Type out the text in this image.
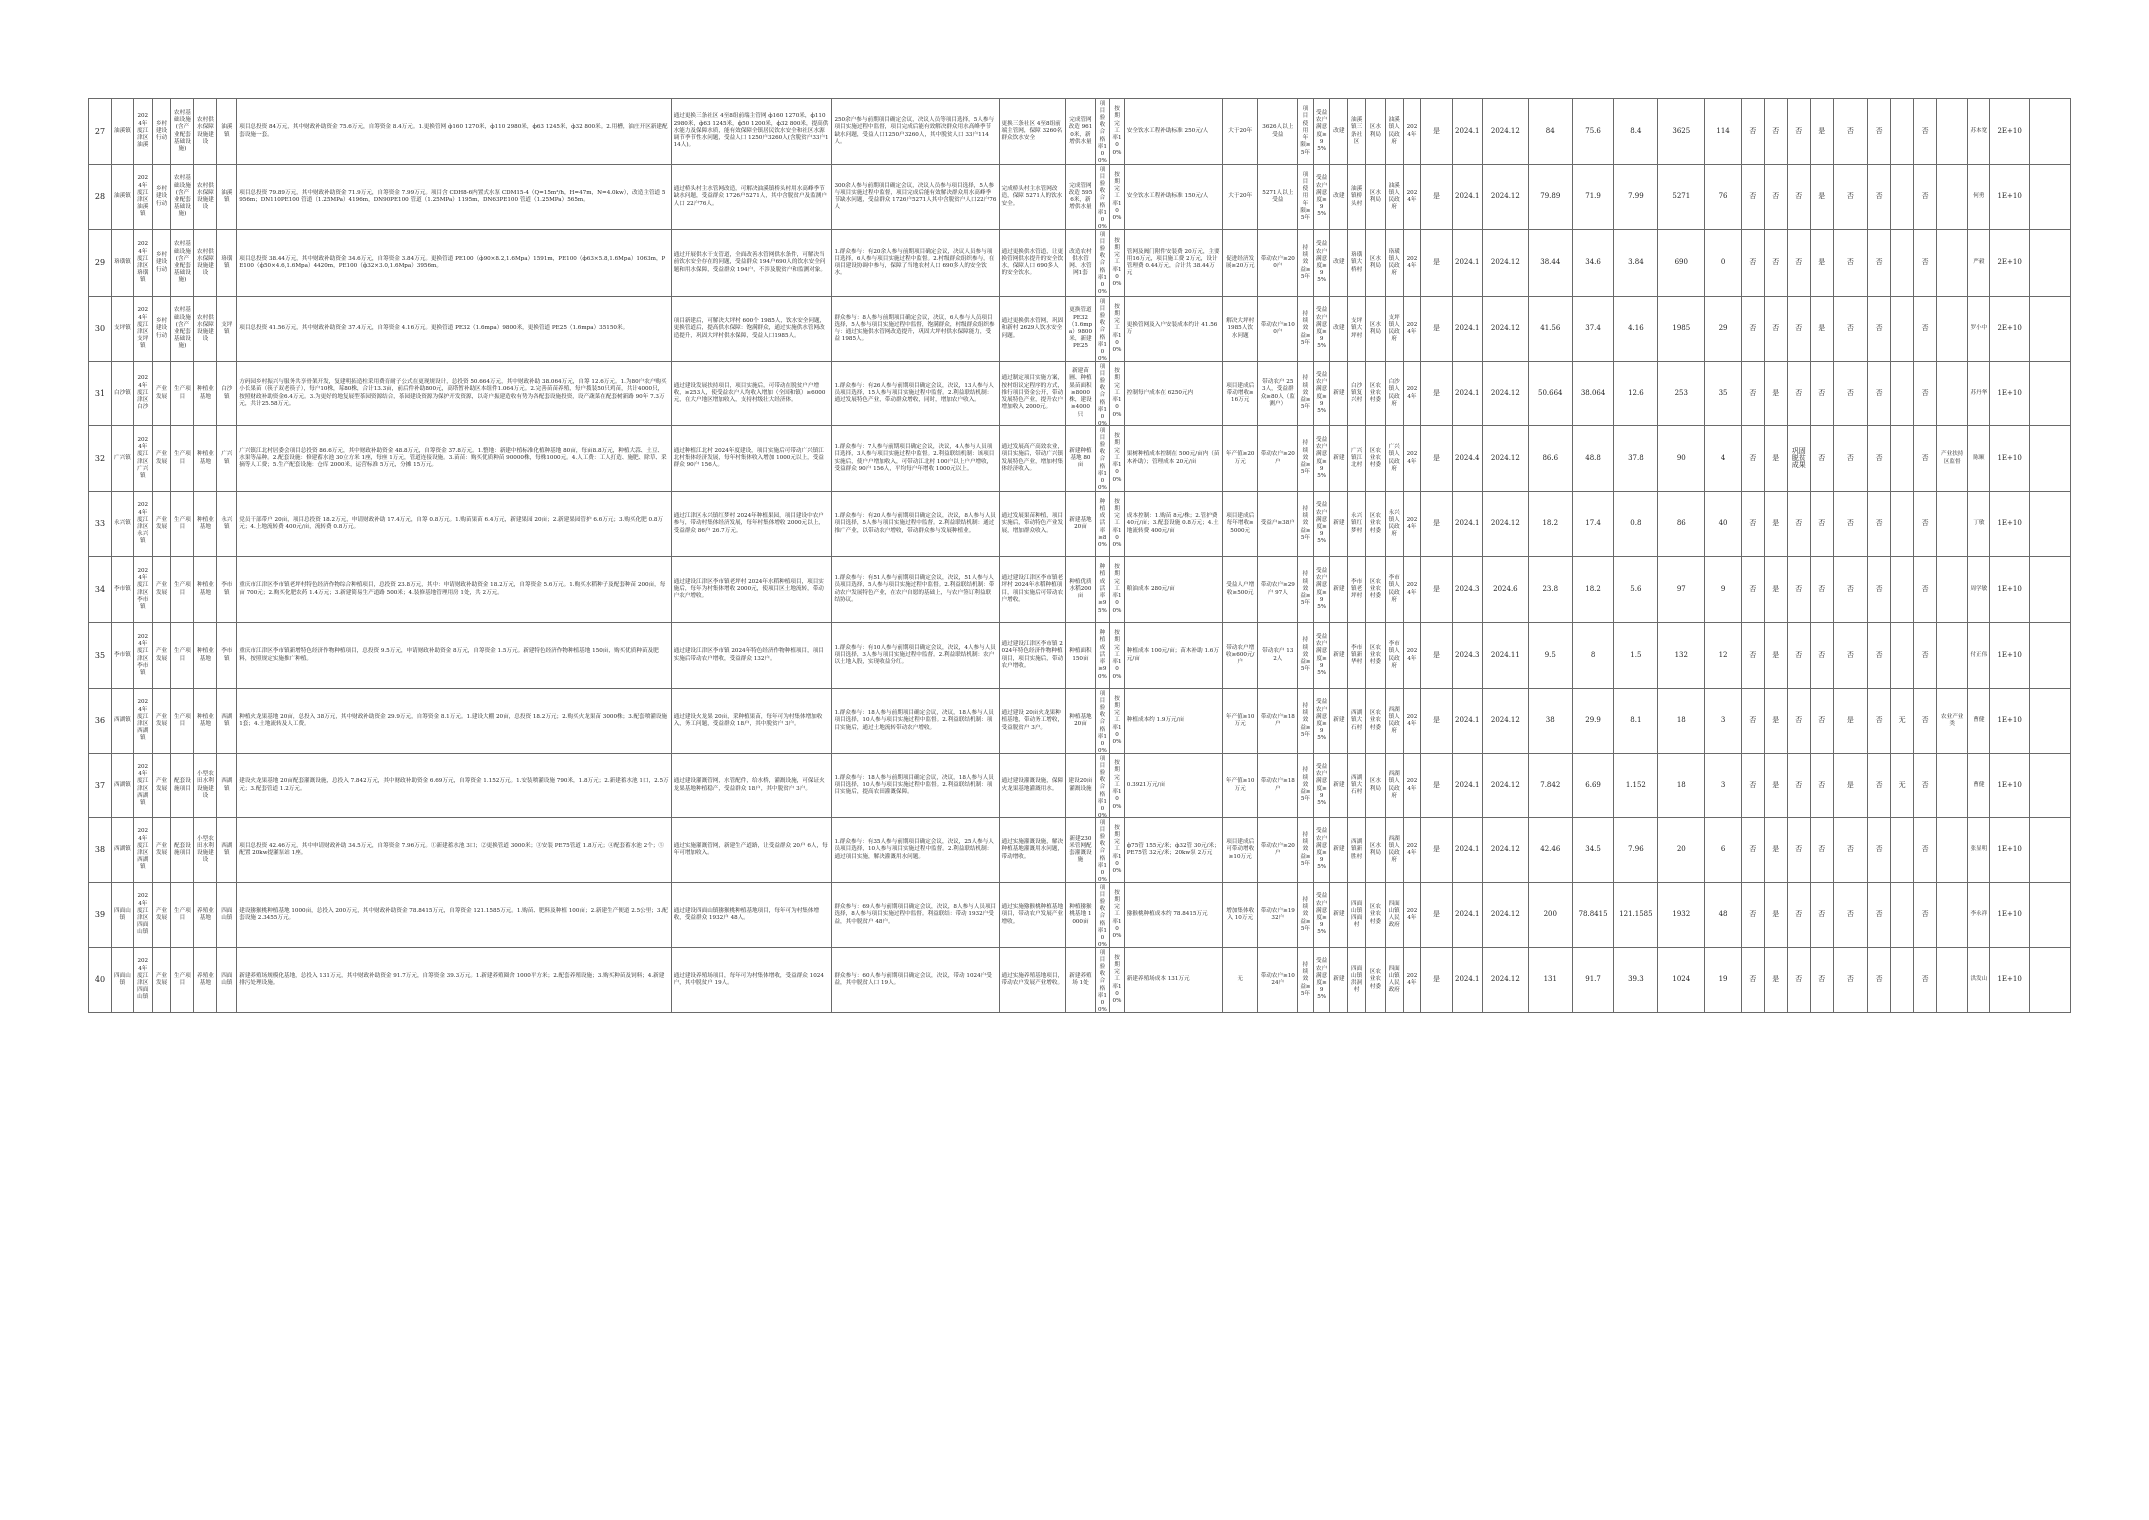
27	油溪镇	2024年度江津区油溪	乡村建设行动	农村基础设施(含产业配套基础设施)	农村供水保障设施建设	油溪镇	项目总投资 84万元，其中财政补助资金 75.6万元，自筹资金 8.4万元。1.更换管网 ф160 1270米，ф110 2980米，ф63 1245米，ф32 800米。2.用槽，油庄开区新建配套设施一套。	通过更换三条社区 4至8组前端主管网 ф160 1270米，ф110 2980米，ф63 1245米，ф50 1200米，ф32 800米，提高供水能力及保障水质，能有效保障全镇居民饮水安全和社区水源调节季节性水问题，受益人口 1250户3260人(含脱贫户33户114人)。	250余户参与前期项目确定会议，决议人员等项目选择，5人参与项目实施过程中监督，项目完成后能有效解决群众用水高峰季节缺水问题，受益人口1250户3260人，其中脱贫人口 33户114人。	更换三条社区 4至8组前端主管网，保障 3260名群众饮水安全	完成管网改造 9610米，新增供水量	项目验收合格率100%	按期完工率100%	安全饮水工程补助标准 250元/人	大于20年	3626人以上受益	项目使用年限≥5年	受益农户满意度≥95%	改建	油溪镇三条社区	区水利局	油溪镇人民政府	2024年	是	2024.1	2024.12	84	75.6	8.4	3625	114	否	否	否	是	否	否		否		苏本宽	2E+10	

28	油溪镇	2024年度江津区油溪镇	乡村建设行动	农村基础设施(含产业配套基础设施)	农村供水保障设施建设	油溪镇	项目总投资 79.89万元，其中财政补助资金 71.9万元，自筹资金 7.99万元。项目含 CDH8-6内置式水泵 CDM15-4（Q=15m³/h，H=47m，N=4.0kw），改造主管道 5956m；DN110PE100 管道（1.25MPa）4196m，DN90PE100 管道（1.25MPa）1195m，DN63PE100 管道（1.25MPa）565m。	通过桥头村主水管网改造，可解决油溪镇桥头村用水高峰季节缺水问题，受益群众 1726户5271人，其中含脱贫户及监测户人口 22户76人。	300余人参与前期项目确定会议，决议人员参与项目选择，5人参与项目实施过程中监督，项目完成后能有效解决群众用水高峰季节缺水问题，受益群众 1726户5271人其中含脱贫户人口22户76人	完成桥头村主水管网改造，保障 5271人的饮水安全。	完成管网改造 5956米，新增供水量	项目验收合格率100%	按期完工率100%	安全饮水工程补助标准 150元/人	大于20年	5271人以上受益	项目使用年限≥5年	受益农户满意度≥95%	改建	油溪镇桥头村	区水利局	油溪镇人民政府	2024年	是	2024.1	2024.12	79.89	71.9	7.99	5271	76	否	否	否	是	否	否		否		何勇	1E+10	

29	珞璜镇	2024年度江津区珞璜镇	乡村建设行动	农村基础设施(含产业配套基础设施)	农村供水保障设施建设	珞璜镇	项目总投资 38.44万元，其中财政补助资金 34.6万元，自筹资金 3.84万元。更换管道 PE100（ф90×8.2,1.6Mpa）1591m，PE100（ф63×5.8,1.6Mpa）1063m，PE100（ф50×4.6,1.6Mpa）4420m，PE100（ф32×3.0,1.6Mpa）3956m。	通过开展供水干支管道，全面改善水管网供水条件，可解决当前饮水安全存在的问题，受益群众 194户690人的饮水安全问题和用水保障，受益群众 194户，不涉及脱贫户和监测对象。	1.群众参与：有20余人参与前期项目确定会议，决议人员参与项目选择，6人参与项目实施过程中监督。2.村级群众组织参与，在项目建设协调中参与，保障了当地农村人口 690多人的安全饮水。	通过更换供水管道，让更换管网供水提升的安全饮水，保障人口 690多人的安全饮水。	改造农村供水管网、水管网1套	项目验收合格率100%	按期完工率100%	管网及阀门附件安装费 20万元，主要用16万元，项目施工费 2万元，设计管理费 0.44万元，合计共 38.44万元	促进经济发展≥20万元	带动农户≥200户	持续效益≥5年	受益农户满意度≥95%	改建	珞璜镇大桥村	区水利局	珞璜镇人民政府	2024年	是	2024.1	2024.12	38.44	34.6	3.84	690	0	否	否	否	是	否	否		否		严毅	2E+10	

30	支坪镇	2024年度江津区支坪镇	乡村建设行动	农村基础设施(含产业配套基础设施)	农村供水保障设施建设	支坪镇	项目总投资 41.56万元，其中财政补助资金 37.4万元，自筹资金 4.16万元。更换管道 PE32（1.6mpa）9800米，更换管道 PE25（1.6mpa）35150米。	项目新建后，可解决大坪村 600个 1985人，饮水安全问题，更换管道后，提高供水保障：饱满群众，通过实施供水管网改造提升，巩固大坪村供水保障，受益人口1985人。	群众参与：8人参与前期项目确定会议，决议，6人参与人员项目选择，5人参与项目实施过程中监督，饱满群众，村级群众组织参与：通过实施供水管网改造提升，巩固大坪村供水保障能力，受益 1985人。	通过更换供水管网，巩固和新村 2629人饮水安全问题。	更换管道 PE32（1.6mpa）9800米，新建PE25	项目验收合格率100%	按期完工率100%	更换管网及入户安装成本约计 41.56万	解决大坪村 1985人饮水问题	带动农户≥100户	持续效益≥5年	受益农户满意度≥95%	改建	支坪镇大坪村	区水利局	支坪镇人民政府	2024年	是	2024.1	2024.12	41.56	37.4	4.16	1985	29	否	否	否	是	否	否		否		罗小中	2E+10	

31	白沙镇	2024年度江津区白沙	产业发展	生产项目	种植业基地	白沙镇	方码园乡村振兴与服务共享骨架开发，复建明拓造柱采用费育耐子公式在更现规设计，总投资 50.664万元，其中财政补助 38.064万元，自筹 12.6万元。1.为80户农户购买小长果苗（筷子双老筷子），每户10株，莓80株，合计13.3亩，前后件补助800元，高塔暂补助区本组件1.064万元。2.完善苗苗养殖，每户拨装50只鸡苗，共计4000只，按照财政补助资金6.4万元。3.为更好的地复展型茶园资源结合，茶园建设资源为保护开发资源，以奇户振建造收有势为各配套设施投资，设产蔬菜在配套树新路 90年 7.3万元，共计25.58万元。	通过建设发展扶持项目，项目实施后，可带动在脱贫户户增收，≥253人，使受益农户人均收入增加（全国和镇）≥6000元，在大户地区增加收入，支持村级壮大经济体。	1.群众参与：有26人参与前期项目确定会议，决议，13人参与人员项目选择，15人参与项目实施过程中监督。2.利益联结机制：通过发展特色产业，带动群众增收，同时，增加农户收入。	通过制定项目实施方案，按村组议定程序的方式，推行项目资金公开，带动发展特色产业，提升农户增加收入 2000元。	新建苗圃、种植果苗面积≥8000株，建设≥4000只	项目验收合格率100%	按期完工率100%	控制每户成本在 6250元内	项目建成后带动增收≥16万元	带动农户 253人，受益群众≥80人（监测户）	持续效益≥5年	受益农户满意度≥95%	新建	白沙镇复兴村	区农业农村委	白沙镇人民政府	2024年	是	2024.1	2024.12	50.664	38.064	12.6	253	35	否	是	否	否	否	否		否		苏丹华	1E+10	

32	广兴镇	2024年度江津区广兴镇	产业发展	生产项目	种植业基地	广兴镇	广兴镇江北村居委会项目总投资 86.6万元，其中财政补助资金 48.8万元，自筹资金 37.8万元。1.整地：新建中植标准化植种基地 80亩，每亩8.8万元，种植大蒜、土豆、水果等品种。2.配套设施：修建蓄水池 30立方米 1座，每座 1万元，管道连接设施。3.苗苗：购买优质种苗 90000株，每株1000元。4.人工费：工人打造、施肥、除草、采摘等人工费；5.生产配套设施：仓库 2000米，运营标准 5万元，分摊 15万元。	通过种植江北村 2024年度建设，项目实施后可带动广兴镇江北村集体经济发展，每年村集体收入增加 1000元以上，受益群众 90户 156人。	1.群众参与：7人参与前期项目确定会议，决议，4人参与人员项目选择，3人参与项目实施过程中监督。2.利益联结机制：该项目实施后，使户户增加收入，可带动江北村 100户以上户户增收，受益群众 90户 156人，平均每户年增收 1000元以上。	通过发展高产高效农业，项目实施后，带动广兴镇发展特色产业，增加村集体经济收入。	新建种植基地 80亩	项目验收合格率100%	按期完工率100%	果树种植成本控制在 500元/亩内（苗木补助）；管理成本 20元/亩	年产值≥20万元	带动农户≥20户	持续效益≥5年	受益农户满意度≥95%	新建	广兴镇江北村	区农业农村委	广兴镇人民政府	2024年	是	2024.4	2024.12	86.6	48.8	37.8	90	4	否	是	巩固脱贫成果	否	否	否		否	产业扶持区监督	陈顺	1E+10	

33	永兴镇	2024年度江津区永兴镇	产业发展	生产项目	种植业基地	永兴镇	党员干部带户 20亩，项目总投资 18.2万元，申请财政补助 17.4万元，自筹 0.8万元。1.购苗果苗 6.4万元，新建果园 20亩；2.新建果园管护 6.6万元；3.购买化肥 0.8万元；4.上地流转费 400元/亩，流转费 0.8万元。	通过江津区永兴镇红梦村 2024年种植果园，项目建设中农户参与，带动村集体经济发展，每年村集体增收 2000元以上，受益群众 86户 26.7万元。	1.群众参与：有20人参与前期项目确定会议，决议，8人参与人员项目选择，5人参与项目实施过程中监督。2.利益联结机制：通过推广产业，以带动农户增收，带动群众参与发展种植业。	通过发展果苗种植，项目实施后，带动特色产业发展，增加群众收入。	新建基地 20亩	种植成活率≥80%	按期完工率100%	成本控制：1.购苗 8元/株；2.管护费 40元/亩；3.配套设施 0.8万元；4.土地流转费 400元/亩	项目建成后每年增收≥5000元	受益户≥38户	持续效益≥5年	受益农户满意度≥95%	新建	永兴镇红梦村	区农业农村委	永兴镇人民政府	2024年	是	2024.1	2024.12	18.2	17.4	0.8	86	40	否	是	否	否	否	否		否		丁敏	1E+10	

34	李市镇	2024年度江津区李市镇	产业发展	生产项目	种植业基地	李市镇	重庆市江津区李市镇老坪村特色经济作物综合种植项目，总投资 23.8万元，其中：申请财政补助资金 18.2万元，自筹资金 5.6万元。1.购买水稻种子及配套种苗 200亩，每亩 700元；2.购买化肥农药 1.4万元；3.新建简易生产道路 500米；4.装修基地管理用房 1处，共 2万元。	通过建设江津区李市镇老坪村 2024年水稻种植项目，项目实施后，每年为村集体增收 2000元，使项目区土地流转，带动户农户增收。	1.群众参与：有51人参与前期项目确定会议，决议，51人参与人员项目选择，5人参与项目实施过程中监督。2.利益联结机制：带动农户发展特色产业，在农户自愿的基础上，与农户签订利益联结协议。	通过建设江津区李市镇老坪村 2024年水稻种植项目，项目实施后可带动农户增收。	种植优质水稻200亩	种植成活率≥95%	按期完工率100%	粮油成本 280元/亩	受益人户增收≥500元	带动农户≥29户 97人	持续效益≥5年	受益农户满意度≥95%	新建	李市镇老坪村	区农业农村委	李市镇人民政府	2024年	是	2024.3	2024.6	23.8	18.2	5.6	97	9	否	是	否	否	否	否		否		周学敏	1E+10	

35	李市镇	2024年度江津区李市镇	产业发展	生产项目	种植业基地	李市镇	重庆市江津区李市镇新增特色经济作物种植项目，总投资 9.5万元，申请财政补助资金 8万元，自筹资金 1.5万元。新建特色经济作物种植基地 150亩，购买优质种苗及肥料，按照规定实施推广种植。	通过建设江津区李市镇 2024年特色经济作物种植项目，项目实施后带动农户增收，受益群众 132户。	1.群众参与：有10人参与前期项目确定会议，决议，4人参与人员项目选择，3人参与项目实施过程中监督。2.利益联结机制：农户以土地入股，实现收益分红。	通过建设江津区李市镇 2024年特色经济作物种植项目，项目实施后，带动农户增收。	种植面积 150亩	种植成活率≥90%	按期完工率100%	种植成本 100元/亩；苗木补助 1.6万元/亩	带动农户增收≥600元/户	带动农户 132人	持续效益≥5年	受益农户满意度≥95%	新建	李市镇新华村	区农业农村委	李市镇人民政府	2024年	是	2024.3	2024.11	9.5	8	1.5	132	12	否	是	否	否	否	否		否		付正伟	1E+10	

36	西湖镇	2024年度江津区西湖镇	产业发展	生产项目	种植业基地	西湖镇	种植火龙果基地 20亩，总投入 38万元，其中财政补助资金 29.9万元，自筹资金 8.1万元。1.建设大棚 20亩，总投资 18.2万元；2.购买火龙果苗 3000株；3.配套喷灌设施 1套；4.土地流转及人工费。	通过建设火龙果 20亩，采种植果苗，每年可为村集体增加收入，务工问题，受益群众 18户，其中脱贫户 3户。	1.群众参与：18人参与前期项目确定会议，决议，18人参与人员项目选择，10人参与项目实施过程中监督。2.利益联结机制：项目实施后，通过土地流转带动农户增收。	通过建设 20亩火龙果种植基地，带动务工增收，受益脱贫户 3户。	种植基地20亩	项目验收合格率100%	按期完工率100%	种植成本约 1.9万元/亩	年产值≥10万元	带动农户≥18户	持续效益≥5年	受益农户满意度≥95%	新建	西湖镇大石村	区农业农村委	西湖镇人民政府	2024年	是	2024.1	2024.12	38	29.9	8.1	18	3	否	是	否	否	是	否	无	否	农业产业类	曹健	1E+10	

37	西湖镇	2024年度江津区西湖镇	产业发展	配套设施项目	小型农田水利设施建设	西湖镇	建设火龙果基地 20亩配套灌溉设施，总投入 7.842万元，其中财政补助资金 6.69万元，自筹资金 1.152万元。1.安装喷灌设施 790米，1.8万元；2.新建蓄水池 1口，2.5万元；3.配套管道 1.2万元。	通过建设灌溉管网，水管配件，给水桥，灌溉设施，可保证火龙果基地种植稳产，受益群众 18户，其中脱贫户 3户。	1.群众参与：18人参与前期项目确定会议，决议，18人参与人员项目选择，10人参与项目实施过程中监督。2.利益联结机制：项目实施后，提高农田灌溉保障。	通过建设灌溉设施，保障火龙果基地灌溉用水。	建设20亩灌溉设施	项目验收合格率100%	按期完工率100%	0.3921万元/亩	年产值≥10万元	带动农户≥18户	持续效益≥5年	受益农户满意度≥95%	新建	西湖镇大石村	区水利局	西湖镇人民政府	2024年	是	2024.1	2024.12	7.842	6.69	1.152	18	3	否	是	否	否	是	否	无	否		曹健	1E+10	

38	西湖镇	2024年度江津区西湖镇	产业发展	配套设施项目	小型农田水利设施建设	西湖镇	项目总投资 42.46万元，其中申请财政补助 34.5万元，自筹资金 7.96万元。①新建蓄水池 3口；②更换管道 3000米；③安装 PE75管道 1.8万元；④配套蓄水池 2个；⑤配置 20kw提灌泵站 1座。	通过实施灌溉管网，新建生产道路，让受益群众 20户 6人，每年可增加收入。	1.群众参与：有35人参与前期项目确定会议，决议，25人参与人员项目选择，10人参与项目实施过程中监督。2.利益联结机制：通过项目实施，解决灌溉用水问题。	通过实施灌溉设施，解决种植基地灌溉用水问题，带动增收。	新建230米管网配套灌溉设施	项目验收合格率100%	按期完工率100%	ф75管 155元/米；ф32管 30元/米；PE75管 32元/米；20kw泵 2万元	项目建成后可带动增收≥10万元	带动农户≥20户	持续效益≥5年	受益农户满意度≥95%	新建	西湖镇新胜村	区水利局	西湖镇人民政府	2024年	是	2024.1	2024.12	42.46	34.5	7.96	20	6	否	是	否	否	否	否		否		张显明	1E+10	

39	四面山镇	2024年度江津区四面山镇	产业发展	生产项目	养殖业基地	四面山镇	建设猕猴桃种植基地 1000亩，总投入 200万元，其中财政补助资金 78.8415万元，自筹资金 121.1585万元。1.购苗、肥料及种植 100亩；2.新建生产便道 2.5公里；3.配套设施 2.3455万元。	通过建设四面山镇猕猴桃种植基地项目，每年可为村集体增收，受益群众 1932户 48人。	群众参与：69人参与前期项目确定会议，决议，8人参与人员项目选择，8人参与项目实施过程中监督。利益联结：带动 1932户受益，其中脱贫户 48户。	通过实施猕猴桃种植基地项目，带动农户发展产业增收。	种植猕猴桃基地 1000亩	项目验收合格率100%	按期完工率100%	猕猴桃种植成本约 78.8415万元	增加集体收入 10万元	带动农户≥1932户	持续效益≥5年	受益农户满意度≥95%	新建	四面山镇四面村	区农业农村委	四面山镇人民政府	2024年	是	2024.1	2024.12	200	78.8415	121.1585	1932	48	否	是	否	否	否	否		否		李永祥	1E+10	

40	四面山镇	2024年度江津区四面山镇	产业发展	生产项目	养殖业基地	四面山镇	新建养殖场规模化基地，总投入 131万元，其中财政补助资金 91.7万元，自筹资金 39.3万元。1.新建养殖圈舍 1000平方米；2.配套养殖设施；3.购买种苗及饲料；4.新建排污处理设施。	通过建设养殖场项目，每年可为村集体增收，受益群众 1024户，其中脱贫户 19人。	群众参与：60人参与前期项目确定会议，决议，带动 1024户受益，其中脱贫人口 19人。	通过实施养殖基地项目，带动农户发展产业增收。	新建养殖场 1处	项目验收合格率100%	按期完工率100%	新建养殖场成本 131万元	无	带动农户≥1024户	持续效益≥5年	受益农户满意度≥95%	新建	四面山镇洪洞村	区农业农村委	四面山镇人民政府	2024年	是	2024.1	2024.12	131	91.7	39.3	1024	19	否	是	否	否	否	否		否		洪发山	1E+10	
